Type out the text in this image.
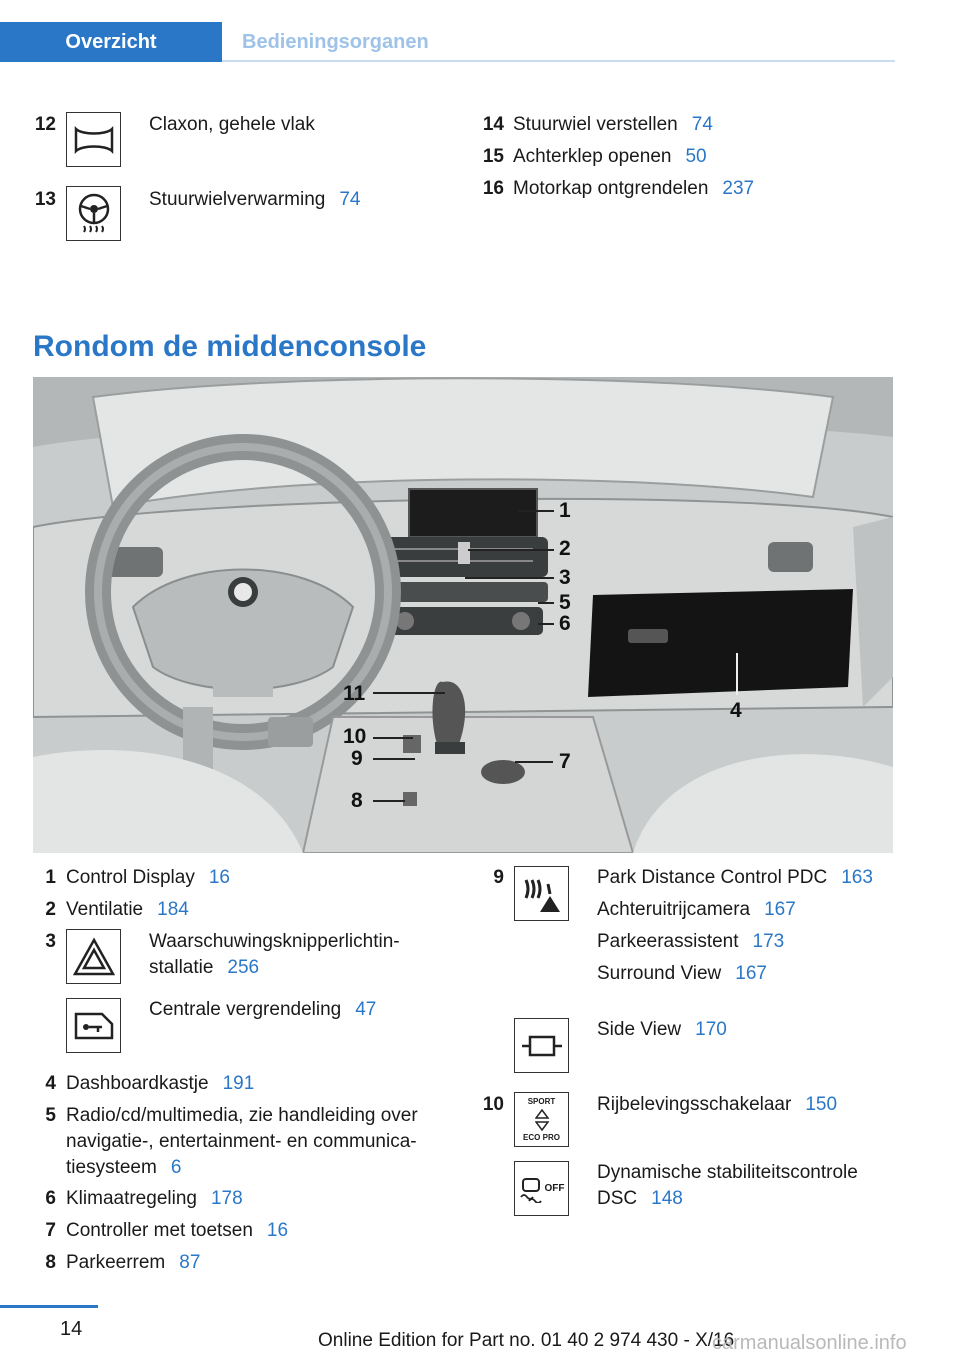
Overzicht	Bedieningsorganen
12	Claxon, gehele vlak
13	Stuurwielverwarming 74
14 Stuurwiel verstellen 74
15 Achterklep openen 50
16 Motorkap ontgrendelen 237
Rondom de middenconsole
1
2
3
5
6
4
11
10
9	7
8
1 Control Display 16
2 Ventilatie 184
3	Waarschuwingsknipperlichtin-
stallatie 256
Centrale vergrendeling 47
4 Dashboardkastje 191
5 Radio/cd/multimedia, zie handleiding over
navigatie-, entertainment- en communica-
tiesysteem 6
6 Klimaatregeling 178
7 Controller met toetsen 16
8 Parkeerrem 87
9	Park Distance Control PDC 163
Achteruitrijcamera 167
Parkeerassistent 173
Surround View 167
Side View 170
10	SPORT
ECO PRO
Rijbelevingsschakelaar 150
OFF
Dynamische stabiliteitscontrole
DSC 148
14
Online Edition for Part no. 01 40 2 974 430 - X/16
carmanualsonline.info
